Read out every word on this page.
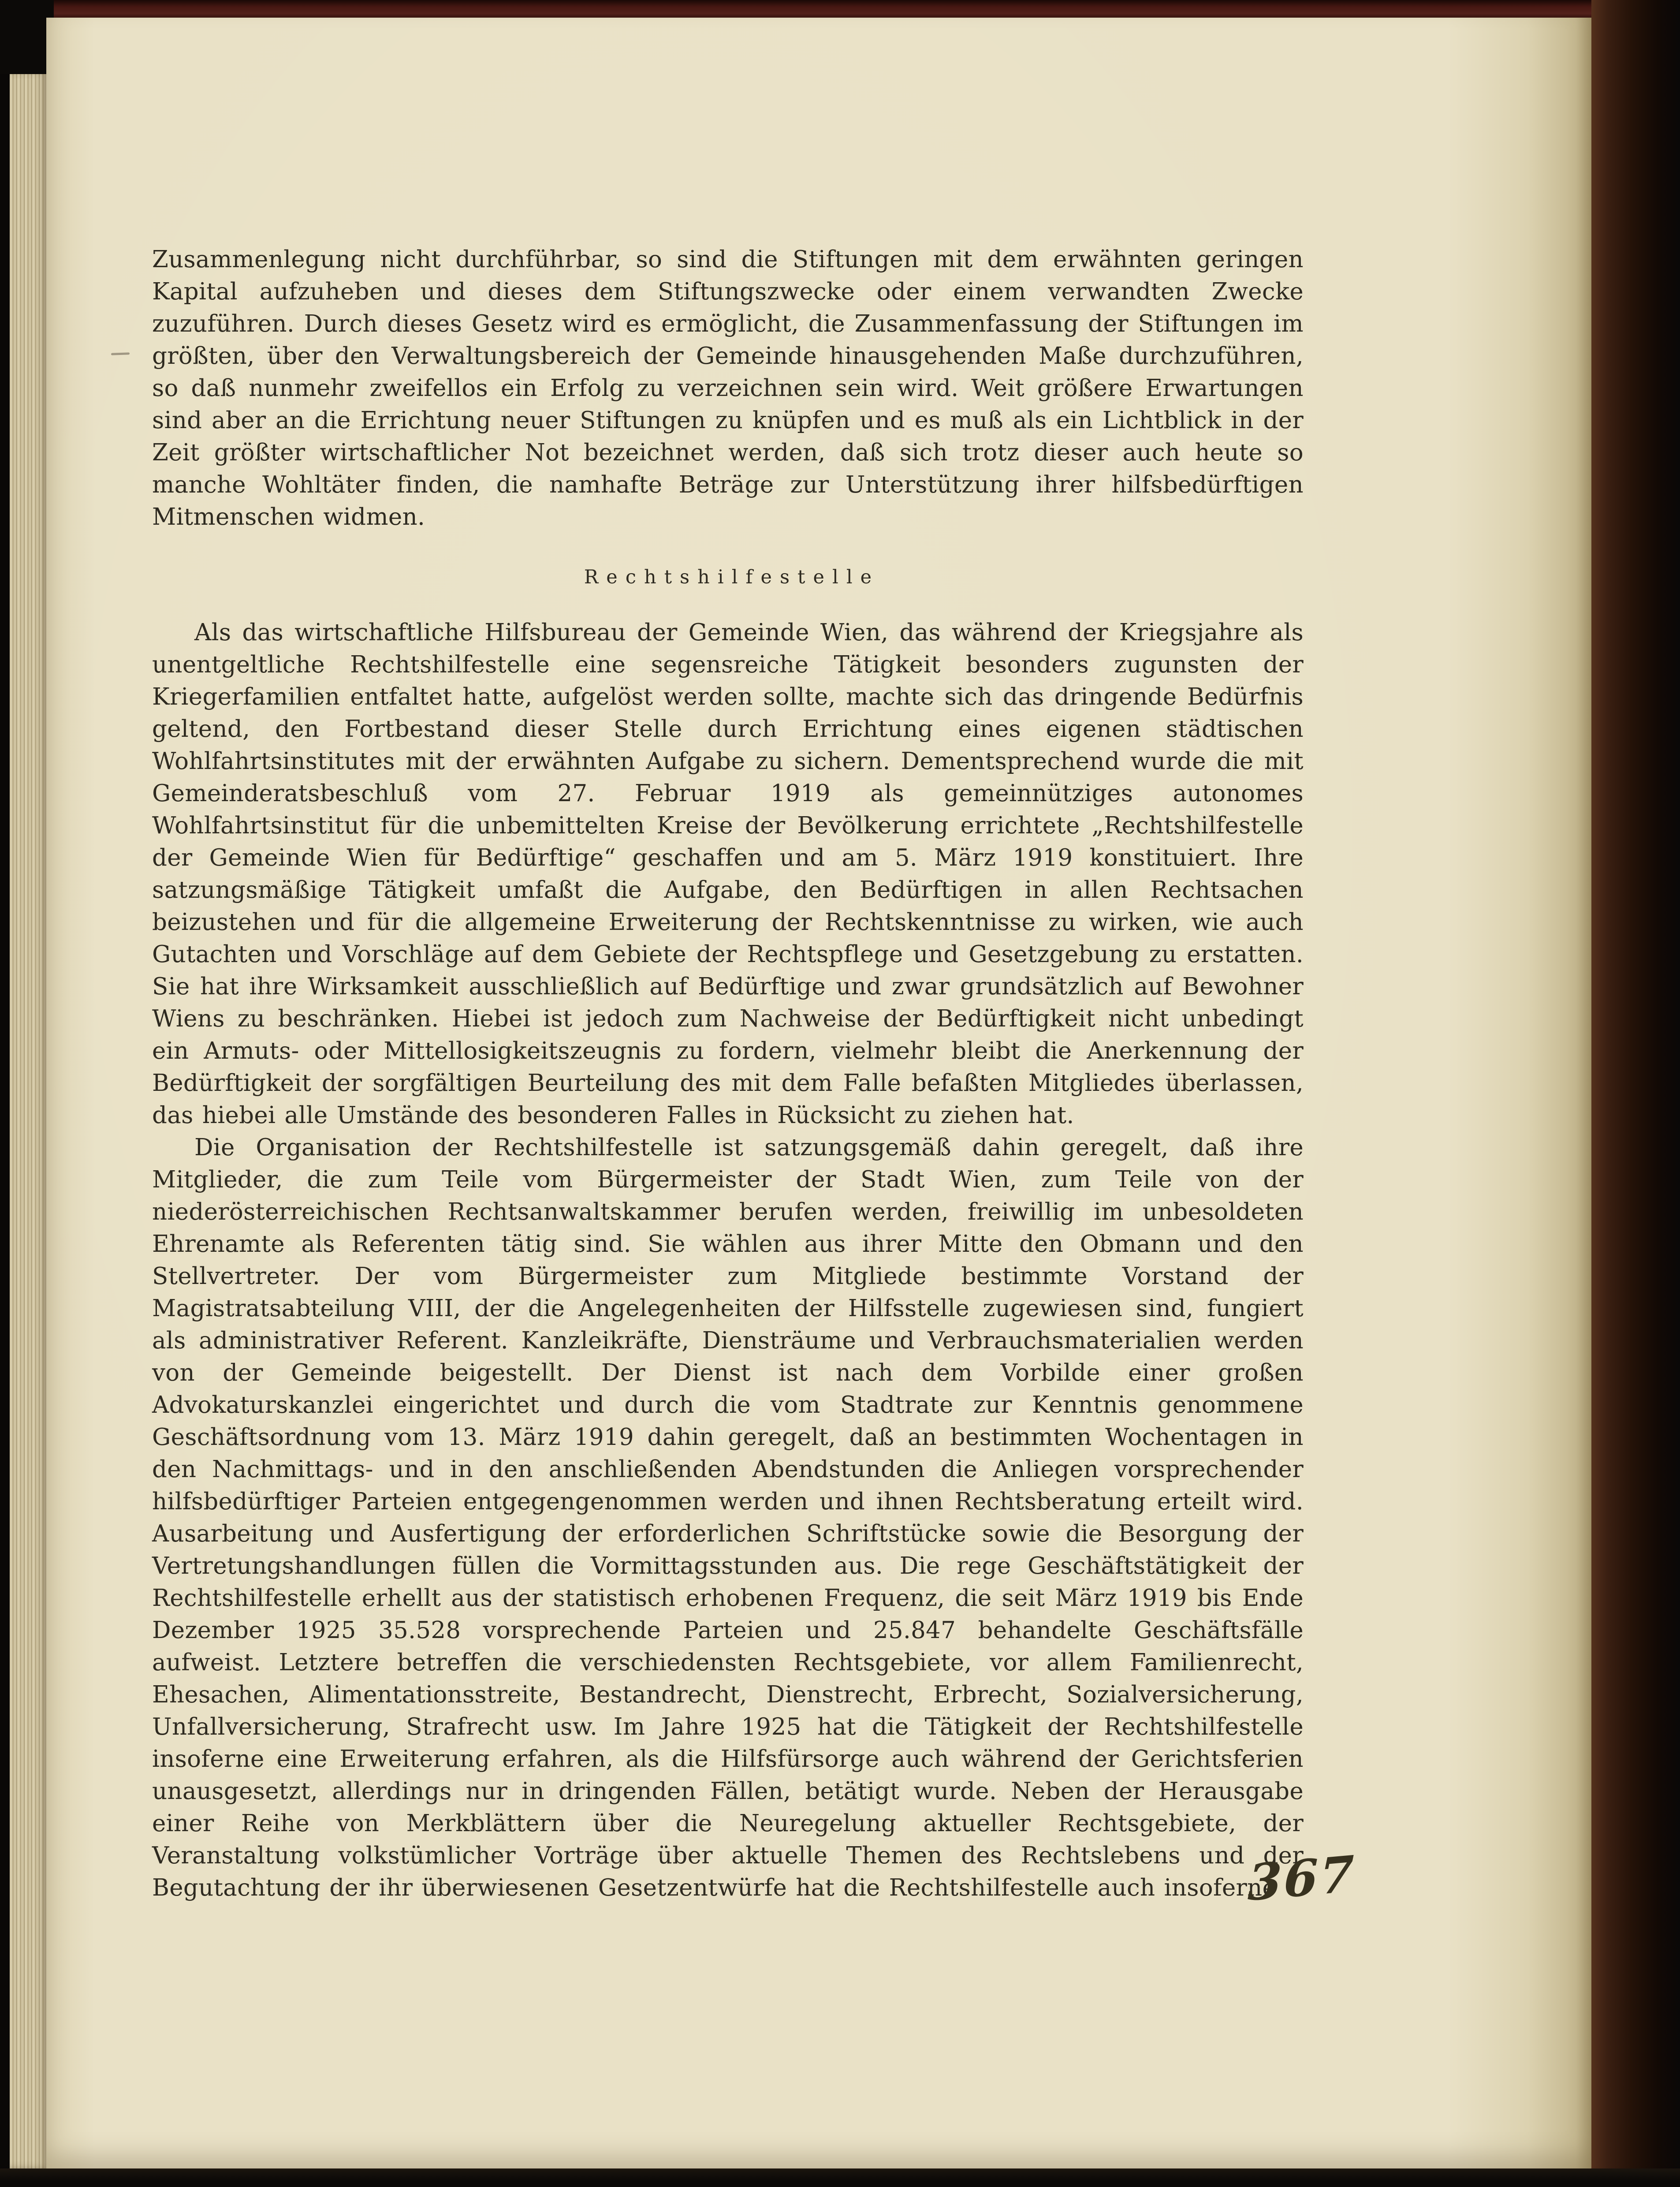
Zusammenlegung nicht durchführbar, so sind die Stiftungen mit dem erwähnten geringen Kapital aufzuheben und dieses dem Stiftungszwecke oder einem verwandten Zwecke zuzuführen. Durch dieses Gesetz wird es ermöglicht, die Zusammenfassung der Stiftungen im größten, über den Verwaltungsbereich der Gemeinde hinausgehenden Maße durchzuführen, so daß nunmehr zweifellos ein Erfolg zu verzeichnen sein wird. Weit größere Erwartungen sind aber an die Errichtung neuer Stiftungen zu knüpfen und es muß als ein Lichtblick in der Zeit größter wirtschaftlicher Not bezeichnet werden, daß sich trotz dieser auch heute so manche Wohltäter finden, die namhafte Beträge zur Unterstützung ihrer hilfsbedürftigen Mitmenschen widmen.

Rechtshilfestelle

Als das wirtschaftliche Hilfsbureau der Gemeinde Wien, das während der Kriegsjahre als unentgeltliche Rechtshilfestelle eine segensreiche Tätigkeit besonders zugunsten der Kriegerfamilien entfaltet hatte, aufgelöst werden sollte, machte sich das dringende Bedürfnis geltend, den Fortbestand dieser Stelle durch Errichtung eines eigenen städtischen Wohlfahrtsinstitutes mit der erwähnten Aufgabe zu sichern. Dementsprechend wurde die mit Gemeinderatsbeschluß vom 27. Februar 1919 als gemeinnütziges autonomes Wohlfahrtsinstitut für die unbemittelten Kreise der Bevölkerung errichtete „Rechtshilfestelle der Gemeinde Wien für Bedürftige“ geschaffen und am 5. März 1919 konstituiert. Ihre satzungsmäßige Tätigkeit umfaßt die Aufgabe, den Bedürftigen in allen Rechtsachen beizustehen und für die allgemeine Erweiterung der Rechtskenntnisse zu wirken, wie auch Gutachten und Vorschläge auf dem Gebiete der Rechtspflege und Gesetzgebung zu erstatten. Sie hat ihre Wirksamkeit ausschließlich auf Bedürftige und zwar grundsätzlich auf Bewohner Wiens zu beschränken. Hiebei ist jedoch zum Nachweise der Bedürftigkeit nicht unbedingt ein Armuts- oder Mittellosigkeitszeugnis zu fordern, vielmehr bleibt die Anerkennung der Bedürftigkeit der sorgfältigen Beurteilung des mit dem Falle befaßten Mitgliedes überlassen, das hiebei alle Umstände des besonderen Falles in Rücksicht zu ziehen hat.

Die Organisation der Rechtshilfestelle ist satzungsgemäß dahin geregelt, daß ihre Mitglieder, die zum Teile vom Bürgermeister der Stadt Wien, zum Teile von der niederösterreichischen Rechtsanwaltskammer berufen werden, freiwillig im unbesoldeten Ehrenamte als Referenten tätig sind. Sie wählen aus ihrer Mitte den Obmann und den Stellvertreter. Der vom Bürgermeister zum Mitgliede bestimmte Vorstand der Magistratsabteilung VIII, der die Angelegenheiten der Hilfsstelle zugewiesen sind, fungiert als administrativer Referent. Kanzleikräfte, Diensträume und Verbrauchsmaterialien werden von der Gemeinde beigestellt. Der Dienst ist nach dem Vorbilde einer großen Advokaturskanzlei eingerichtet und durch die vom Stadtrate zur Kenntnis genommene Geschäftsordnung vom 13. März 1919 dahin geregelt, daß an bestimmten Wochentagen in den Nachmittags- und in den anschließenden Abendstunden die Anliegen vorsprechender hilfsbedürftiger Parteien entgegengenommen werden und ihnen Rechtsberatung erteilt wird. Ausarbeitung und Ausfertigung der erforderlichen Schriftstücke sowie die Besorgung der Vertretungshandlungen füllen die Vormittagsstunden aus. Die rege Geschäftstätigkeit der Rechtshilfestelle erhellt aus der statistisch erhobenen Frequenz, die seit März 1919 bis Ende Dezember 1925 35.528 vorsprechende Parteien und 25.847 behandelte Geschäftsfälle aufweist. Letztere betreffen die verschiedensten Rechtsgebiete, vor allem Familienrecht, Ehesachen, Alimentationsstreite, Bestandrecht, Dienstrecht, Erbrecht, Sozialversicherung, Unfallversicherung, Strafrecht usw. Im Jahre 1925 hat die Tätigkeit der Rechtshilfestelle insoferne eine Erweiterung erfahren, als die Hilfsfürsorge auch während der Gerichtsferien unausgesetzt, allerdings nur in dringenden Fällen, betätigt wurde. Neben der Herausgabe einer Reihe von Merkblättern über die Neuregelung aktueller Rechtsgebiete, der Veranstaltung volkstümlicher Vorträge über aktuelle Themen des Rechtslebens und der Begutachtung der ihr überwiesenen Gesetzentwürfe hat die Rechtshilfestelle auch insoferne

367
